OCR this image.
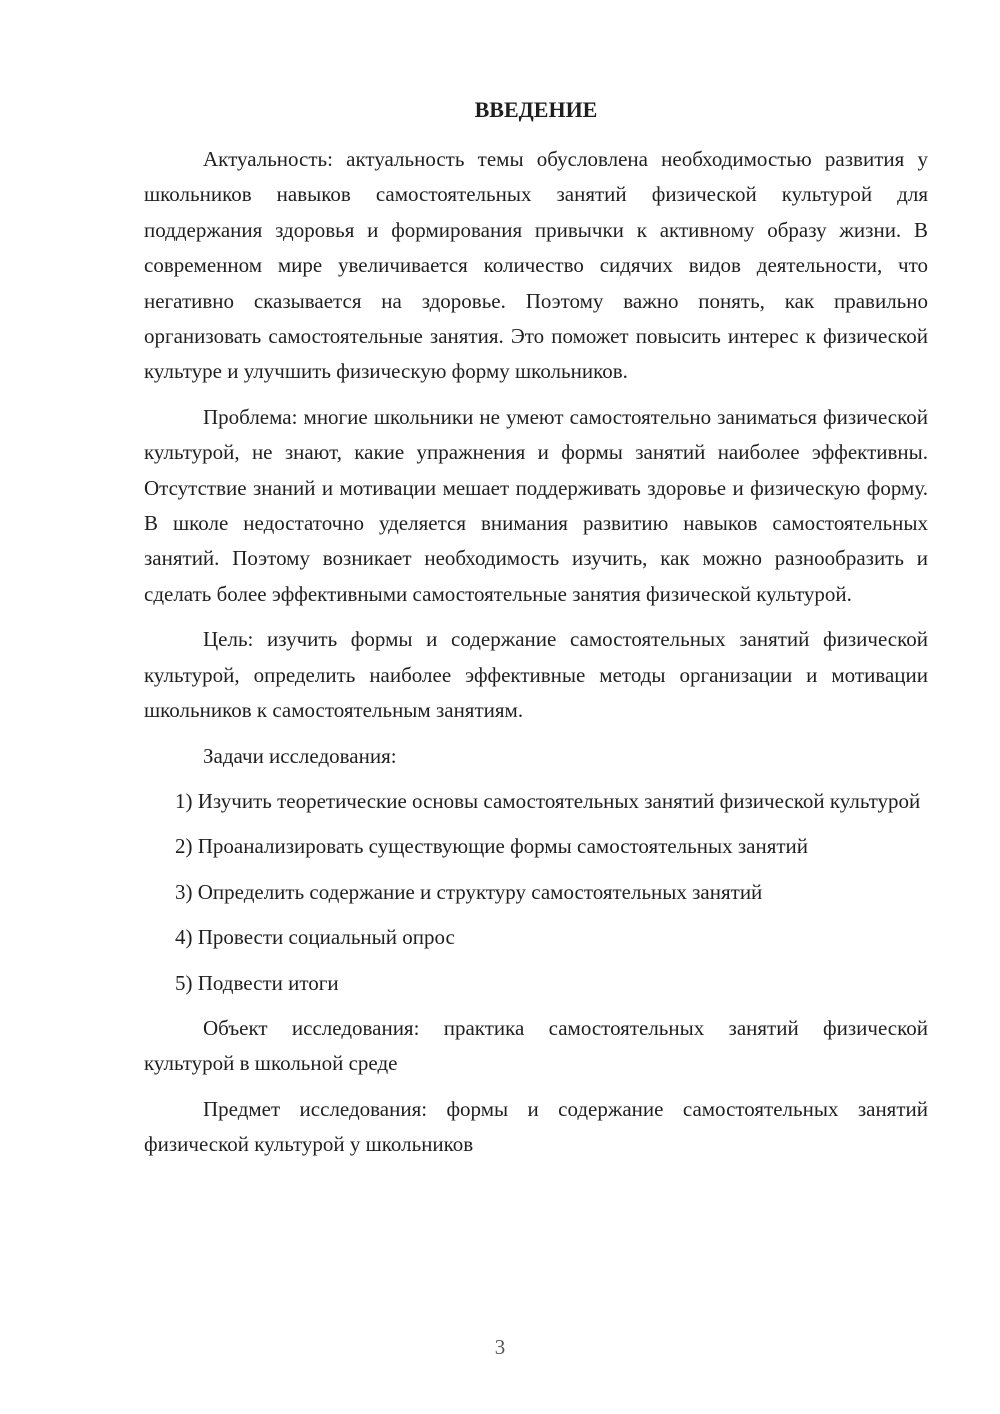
ВВЕДЕНИЕ

Актуальность: актуальность темы обусловлена необходимостью развития у школьников навыков самостоятельных занятий физической культурой для поддержания здоровья и формирования привычки к активному образу жизни. В современном мире увеличивается количество сидячих видов деятельности, что негативно сказывается на здоровье. Поэтому важно понять, как правильно организовать самостоятельные занятия. Это поможет повысить интерес к физической культуре и улучшить физическую форму школьников.

Проблема: многие школьники не умеют самостоятельно заниматься физической культурой, не знают, какие упражнения и формы занятий наиболее эффективны. Отсутствие знаний и мотивации мешает поддерживать здоровье и физическую форму. В школе недостаточно уделяется внимания развитию навыков самостоятельных занятий. Поэтому возникает необходимость изучить, как можно разнообразить и сделать более эффективными самостоятельные занятия физической культурой.

Цель: изучить формы и содержание самостоятельных занятий физической культурой, определить наиболее эффективные методы организации и мотивации школьников к самостоятельным занятиям.

Задачи исследования:

1) Изучить теоретические основы самостоятельных занятий физической культурой

2) Проанализировать существующие формы самостоятельных занятий

3) Определить содержание и структуру самостоятельных занятий

4) Провести социальный опрос

5) Подвести итоги

Объект исследования: практика самостоятельных занятий физической культурой в школьной среде

Предмет исследования: формы и содержание самостоятельных занятий физической культурой у школьников

3
